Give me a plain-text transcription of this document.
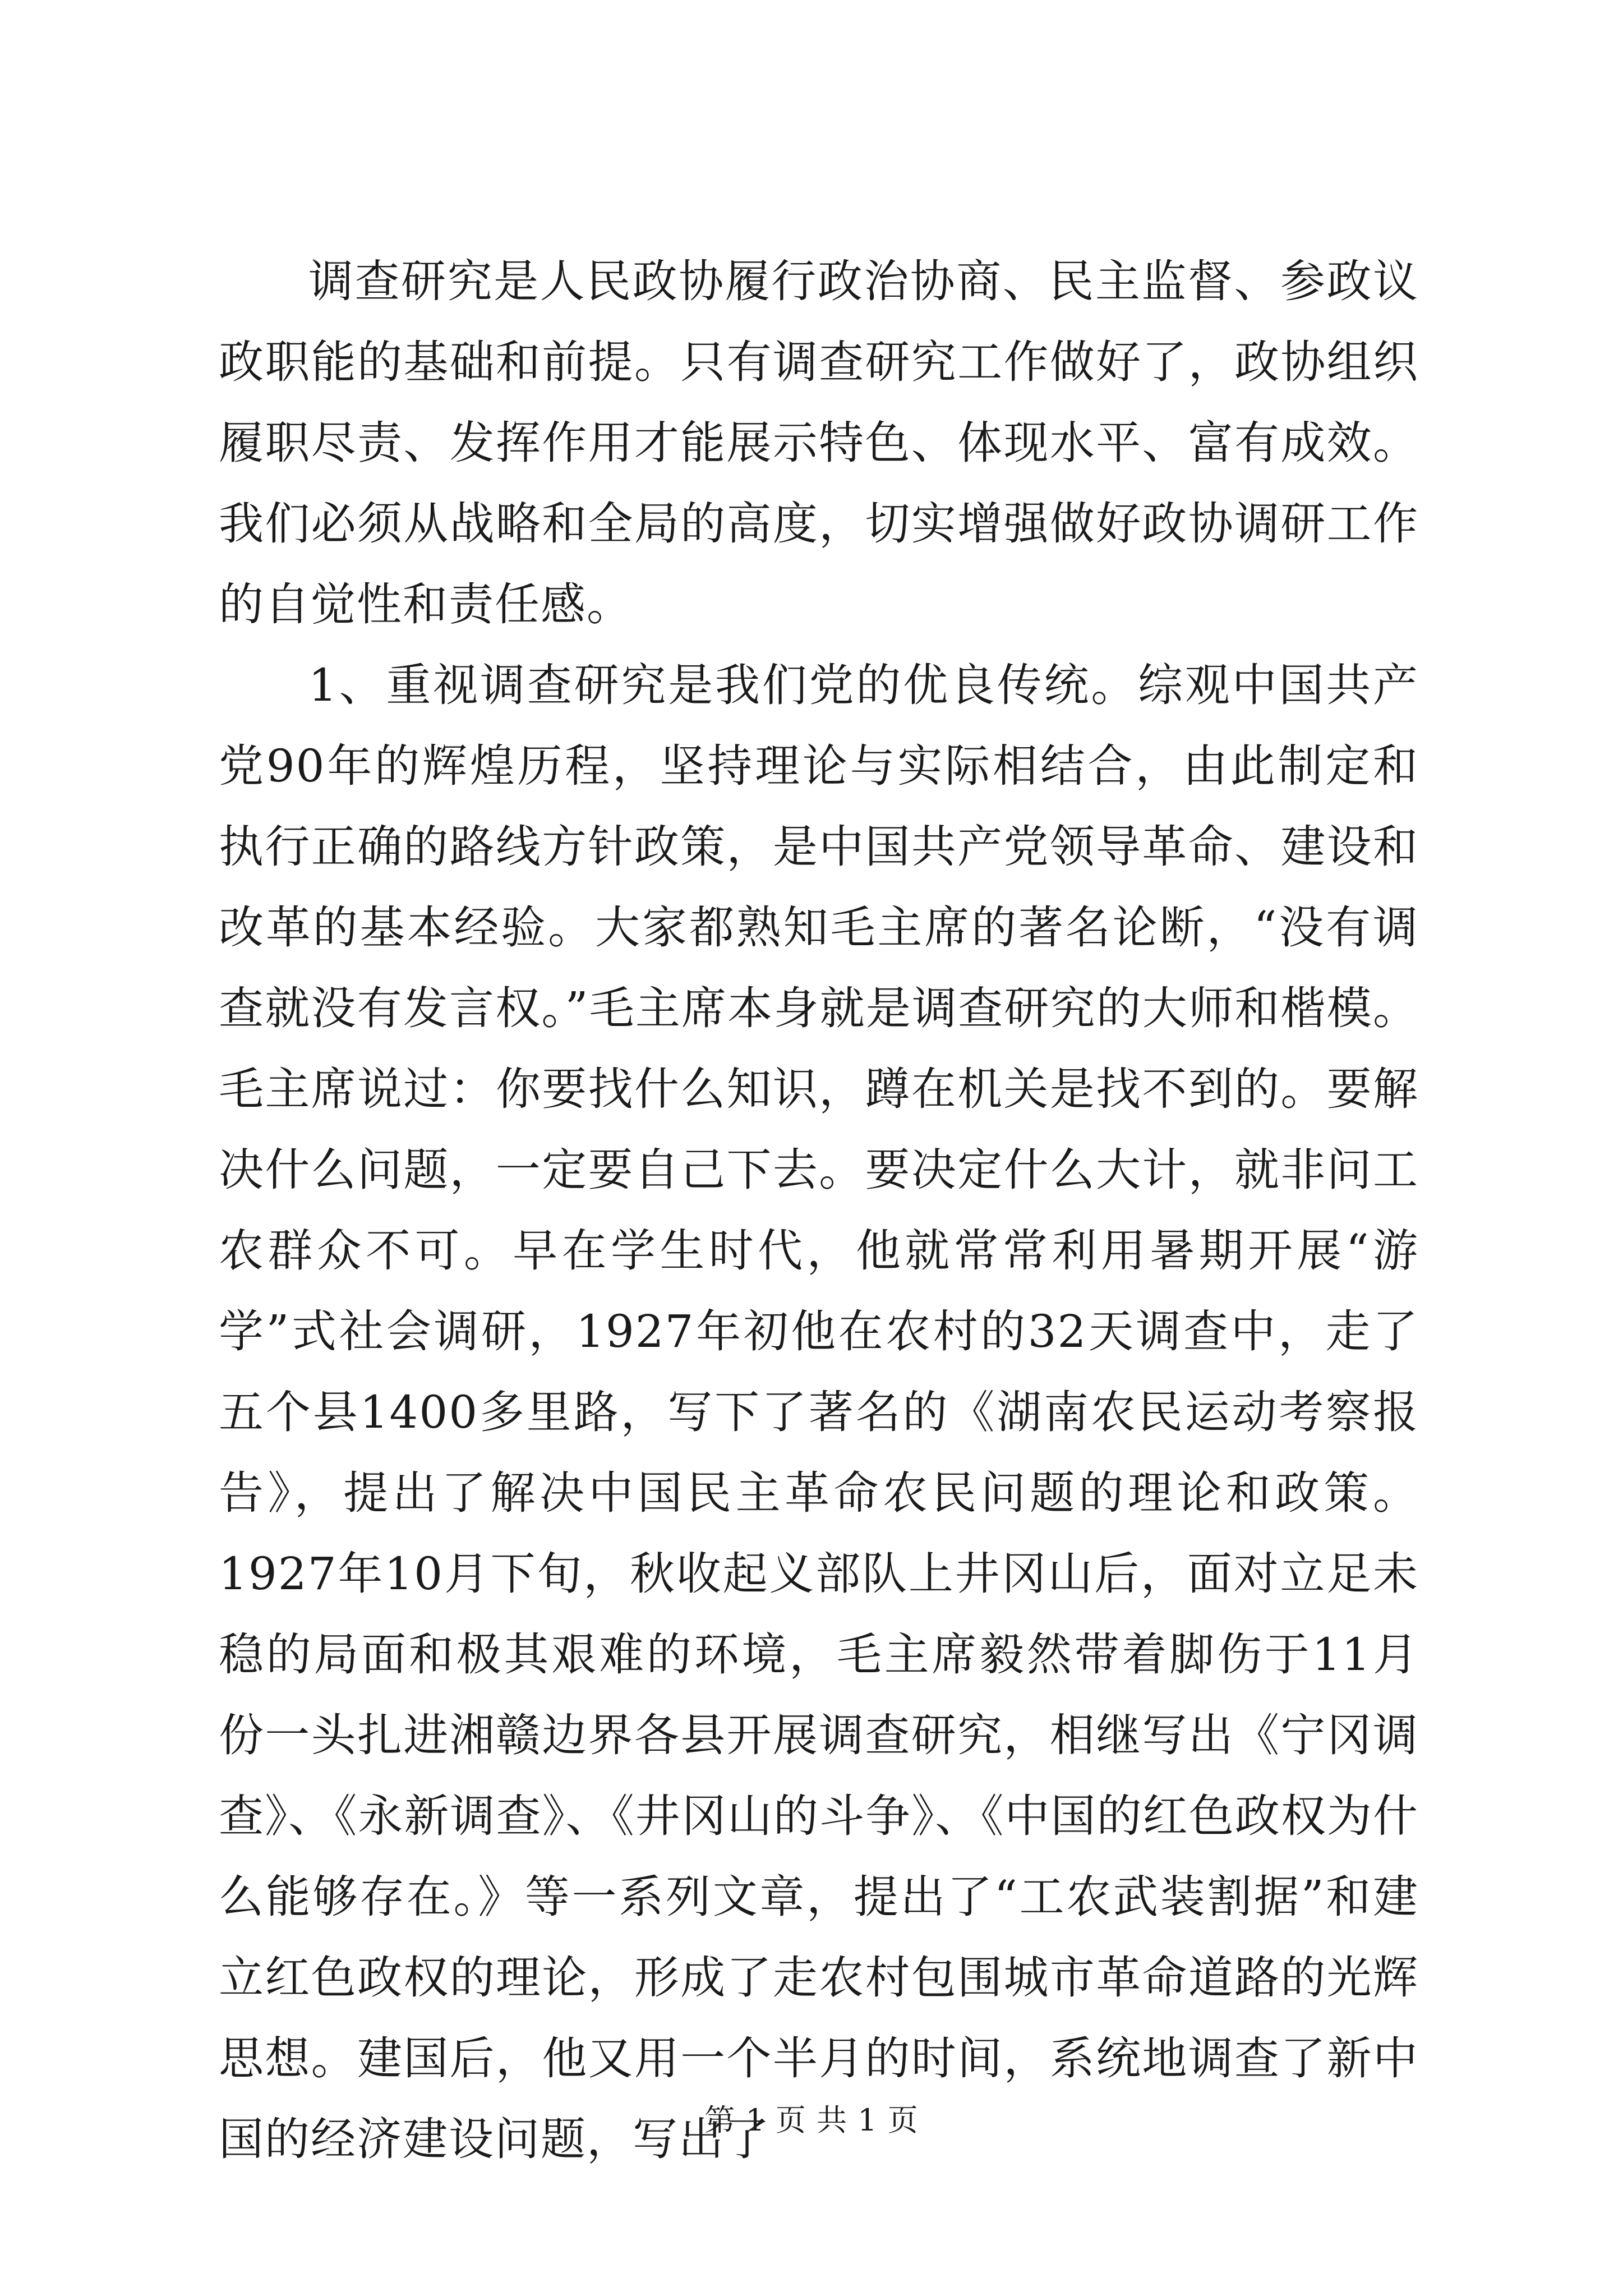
调查研究是人民政协履行政治协商、民主监督、参政议政职能的基础和前提。只有调查研究工作做好了，政协组织履职尽责、发挥作用才能展示特色、体现水平、富有成效。我们必须从战略和全局的高度，切实增强做好政协调研工作的自觉性和责任感。

1、重视调查研究是我们党的优良传统。综观中国共产党90年的辉煌历程，坚持理论与实际相结合，由此制定和执行正确的路线方针政策，是中国共产党领导革命、建设和改革的基本经验。大家都熟知毛主席的著名论断，“没有调查就没有发言权。”毛主席本身就是调查研究的大师和楷模。毛主席说过：你要找什么知识，蹲在机关是找不到的。要解决什么问题，一定要自己下去。要决定什么大计，就非问工农群众不可。早在学生时代，他就常常利用暑期开展“游学”式社会调研，1927年初他在农村的32天调查中，走了五个县1400多里路，写下了著名的《湖南农民运动考察报告》，提出了解决中国民主革命农民问题的理论和政策。1927年10月下旬，秋收起义部队上井冈山后，面对立足未稳的局面和极其艰难的环境，毛主席毅然带着脚伤于11月份一头扎进湘赣边界各县开展调查研究，相继写出《宁冈调查》、《永新调查》、《井冈山的斗争》、《中国的红色政权为什么能够存在。》等一系列文章，提出了“工农武装割据”和建立红色政权的理论，形成了走农村包围城市革命道路的光辉思想。建国后，他又用一个半月的时间，系统地调查了新中国的经济建设问题，写出了

第 1 页 共 1 页
